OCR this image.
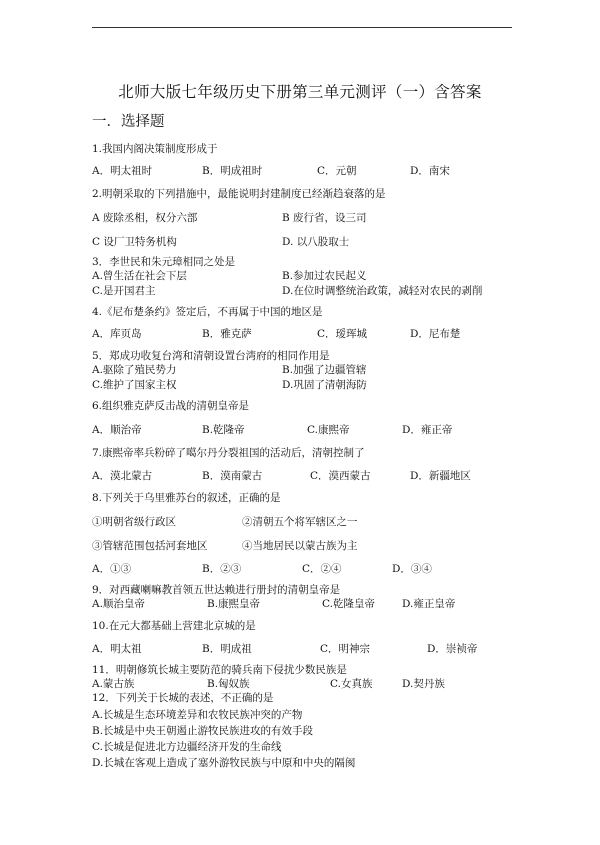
北师大版七年级历史下册第三单元测评（一）含答案
一．选择题
1.我国内阁决策制度形成于
A．明太祖时	B．明成祖时	C．元朝	D．南宋
2.明朝采取的下列措施中，最能说明封建制度已经渐趋衰落的是
A 废除丞相，权分六部	B 废行省，设三司
C 设厂卫特务机构	D. 以八股取士
3．李世民和朱元璋相同之处是
A.曾生活在社会下层	B.参加过农民起义
C.是开国君主	D.在位时调整统治政策，减轻对农民的剥削
4.《尼布楚条约》签定后，不再属于中国的地区是
A．库页岛	B．雅克萨	C．瑷珲城	D．尼布楚
5．郑成功收复台湾和清朝设置台湾府的相同作用是
A.驱除了殖民势力	B.加强了边疆管辖
C.维护了国家主权	D.巩固了清朝海防
6.组织雅克萨反击战的清朝皇帝是
A．顺治帝	B.乾隆帝	C.康熙帝	D．雍正帝
7.康熙帝率兵粉碎了噶尔丹分裂祖国的活动后，清朝控制了
A．漠北蒙古	B．漠南蒙古	C．漠西蒙古	D．新疆地区
8.下列关于乌里雅苏台的叙述，正确的是
①明朝省级行政区	②清朝五个将军辖区之一
③管辖范围包括河套地区	④当地居民以蒙古族为主
A．①③	B．②③	C．②④	D．③④
9．对西藏喇嘛教首领五世达赖进行册封的清朝皇帝是
A.顺治皇帝	B.康熙皇帝	C.乾隆皇帝	D.雍正皇帝
10.在元大都基础上营建北京城的是
A．明太祖	B．明成祖	C．明神宗	D．崇祯帝
11．明朝修筑长城主要防范的骑兵南下侵扰少数民族是
A.蒙古族	B.匈奴族	C.女真族	D.契丹族
12．下列关于长城的表述，不正确的是
A.长城是生态环境差异和农牧民族冲突的产物
B.长城是中央王朝遏止游牧民族进攻的有效手段
C.长城是促进北方边疆经济开发的生命线
D.长城在客观上造成了塞外游牧民族与中原和中央的隔阂
